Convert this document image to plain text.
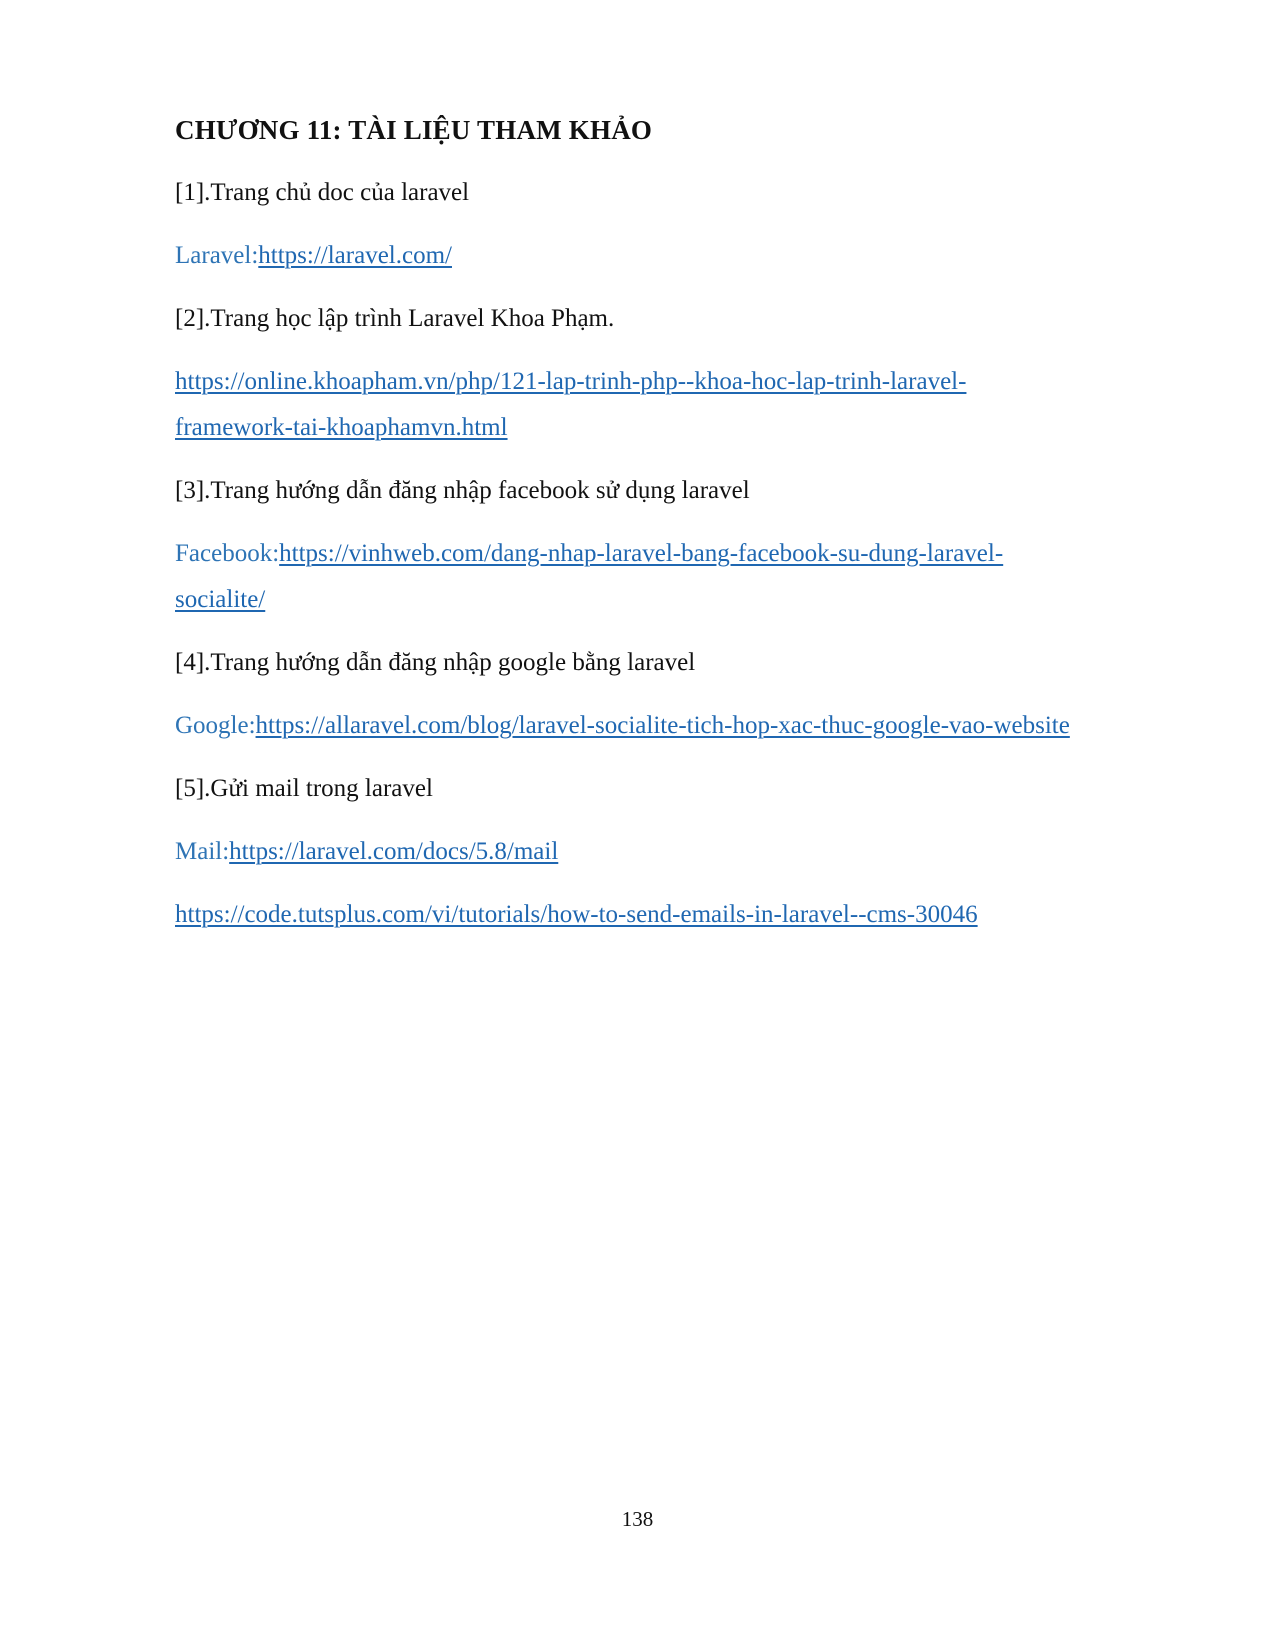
CHƯƠNG 11: TÀI LIỆU THAM KHẢO

[1].Trang chủ doc của laravel

Laravel:https://laravel.com/

[2].Trang học lập trình Laravel Khoa Phạm.

https://online.khoapham.vn/php/121-lap-trinh-php--khoa-hoc-lap-trinh-laravel-
framework-tai-khoaphamvn.html

[3].Trang hướng dẫn đăng nhập facebook sử dụng laravel

Facebook:https://vinhweb.com/dang-nhap-laravel-bang-facebook-su-dung-laravel-
socialite/

[4].Trang hướng dẫn đăng nhập google bằng laravel

Google:https://allaravel.com/blog/laravel-socialite-tich-hop-xac-thuc-google-vao-website

[5].Gửi mail trong laravel

Mail:https://laravel.com/docs/5.8/mail

https://code.tutsplus.com/vi/tutorials/how-to-send-emails-in-laravel--cms-30046

138
